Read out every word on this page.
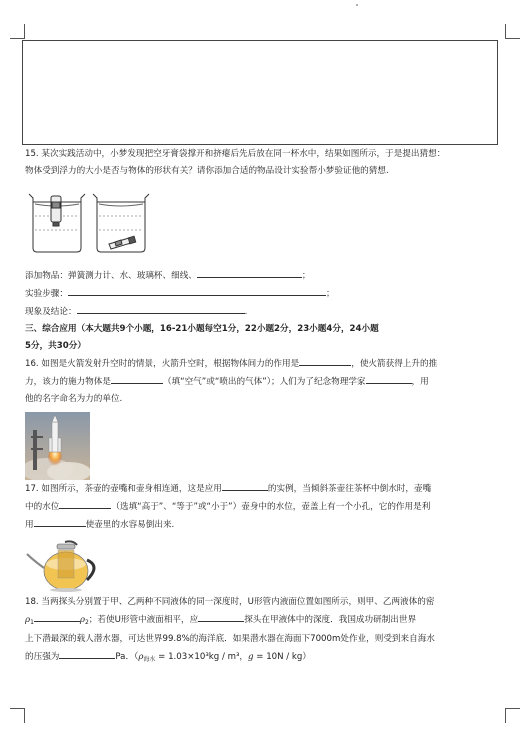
15. 某次实践活动中，小梦发现把空牙膏袋撑开和挤瘪后先后放在同一杯水中，结果如图所示，于是提出猜想：
物体受到浮力的大小是否与物体的形状有关？请你添加合适的物品设计实验帮小梦验证他的猜想.
添加物品：弹簧测力计、水、玻璃杯、细线、	；
实验步骤：	；
现象及结论：	.
三、综合应用（本大题共9个小题，16-21小题每空1分，22小题2分，23小题4分，24小题
5分，共30分）
16. 如图是火箭发射升空时的情景，火箭升空时，根据物体间力的作用是	，使火箭获得上升的推
力，该力的施力物体是	（填“空气”或“喷出的气体”）；人们为了纪念物理学家	，用
他的名字命名为力的单位.
17. 如图所示，茶壶的壶嘴和壶身相连通，这是应用	的实例，当倾斜茶壶往茶杯中倒水时，壶嘴
中的水位	（选填“高于”、“等于”或“小于”）壶身中的水位，壶盖上有一个小孔，它的作用是利
用	使壶里的水容易倒出来.
18. 当两探头分别置于甲、乙两种不同液体的同一深度时，U形管内液面位置如图所示，则甲、乙两液体的密
$\rho_1$	$\rho_2$；若使U形管中液面相平，应	探头在甲液体中的深度．我国成功研制出世界
上下潜最深的载人潜水器，可达世界99.8%的海洋底．如果潜水器在海面下7000m处作业，则受到来自海水
的压强为	Pa．（$\rho_{海水} = 1.03\times 10^3kg / m^3$，g = 10N / kg）
